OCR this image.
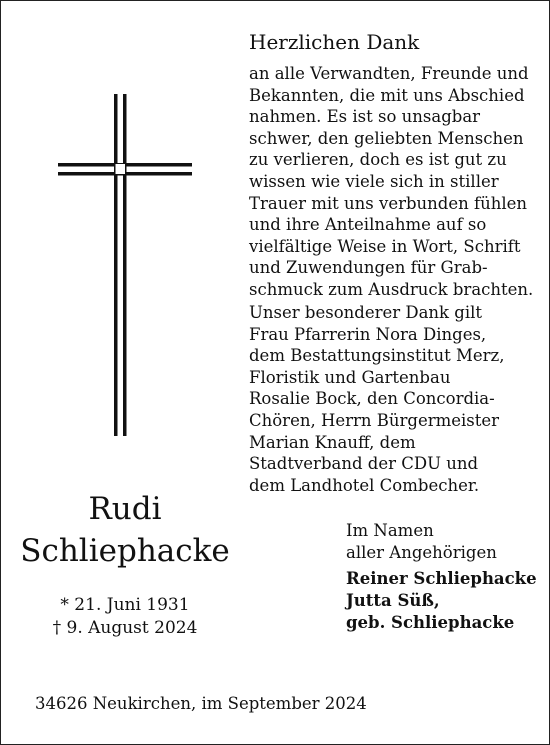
Herzlichen Dank
an alle Verwandten, Freunde und
Bekannten, die mit uns Abschied
nahmen. Es ist so unsagbar
schwer, den geliebten Menschen
zu verlieren, doch es ist gut zu
wissen wie viele sich in stiller
Trauer mit uns verbunden fühlen
und ihre Anteilnahme auf so
vielfältige Weise in Wort, Schrift
und Zuwendungen für Grab-
schmuck zum Ausdruck brachten.
Unser besonderer Dank gilt
Frau Pfarrerin Nora Dinges,
dem Bestattungsinstitut Merz,
Floristik und Gartenbau
Rosalie Bock, den Concordia-
Chören, Herrn Bürgermeister
Marian Knauff, dem
Stadtverband der CDU und
dem Landhotel Combecher.
Rudi
Schliephacke
* 21. Juni 1931
† 9. August 2024
Im Namen
aller Angehörigen
Reiner Schliephacke
Jutta Süß,
geb. Schliephacke
34626 Neukirchen, im September 2024
